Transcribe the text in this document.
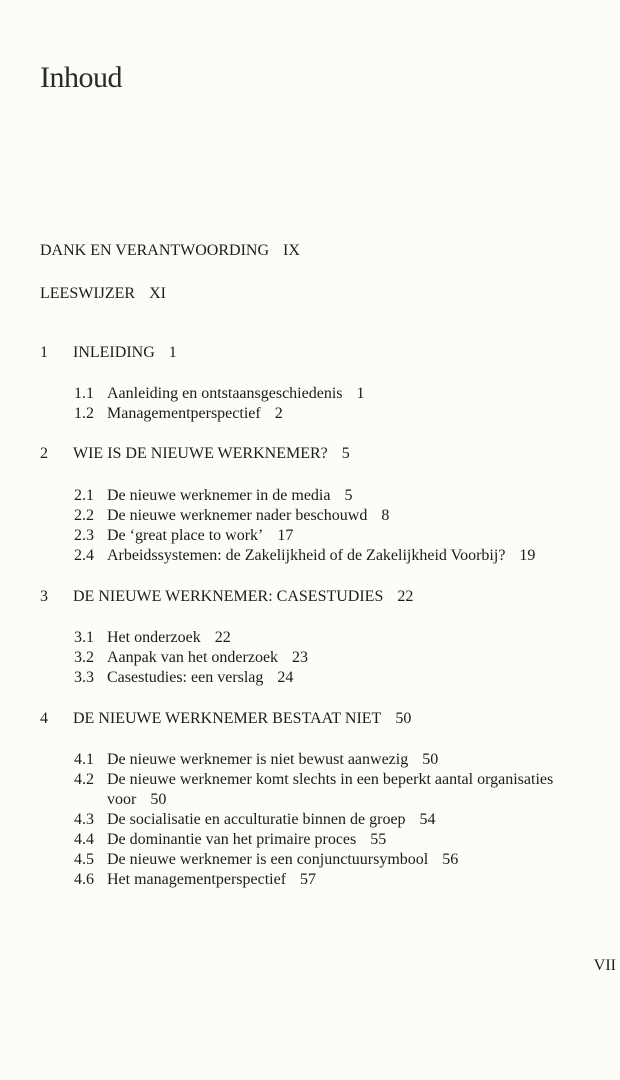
Inhoud
DANK EN VERANTWOORDING IX
LEESWIJZER XI
1 INLEIDING 1
1.1 Aanleiding en ontstaansgeschiedenis 1
1.2 Managementperspectief 2
2 WIE IS DE NIEUWE WERKNEMER? 5
2.1 De nieuwe werknemer in de media 5
2.2 De nieuwe werknemer nader beschouwd 8
2.3 De ‘great place to work’ 17
2.4 Arbeidssystemen: de Zakelijkheid of de Zakelijkheid Voorbij? 19
3 DE NIEUWE WERKNEMER: CASESTUDIES 22
3.1 Het onderzoek 22
3.2 Aanpak van het onderzoek 23
3.3 Casestudies: een verslag 24
4 DE NIEUWE WERKNEMER BESTAAT NIET 50
4.1 De nieuwe werknemer is niet bewust aanwezig 50
4.2 De nieuwe werknemer komt slechts in een beperkt aantal organisaties
voor 50
4.3 De socialisatie en acculturatie binnen de groep 54
4.4 De dominantie van het primaire proces 55
4.5 De nieuwe werknemer is een conjunctuursymbool 56
4.6 Het managementperspectief 57
VII
